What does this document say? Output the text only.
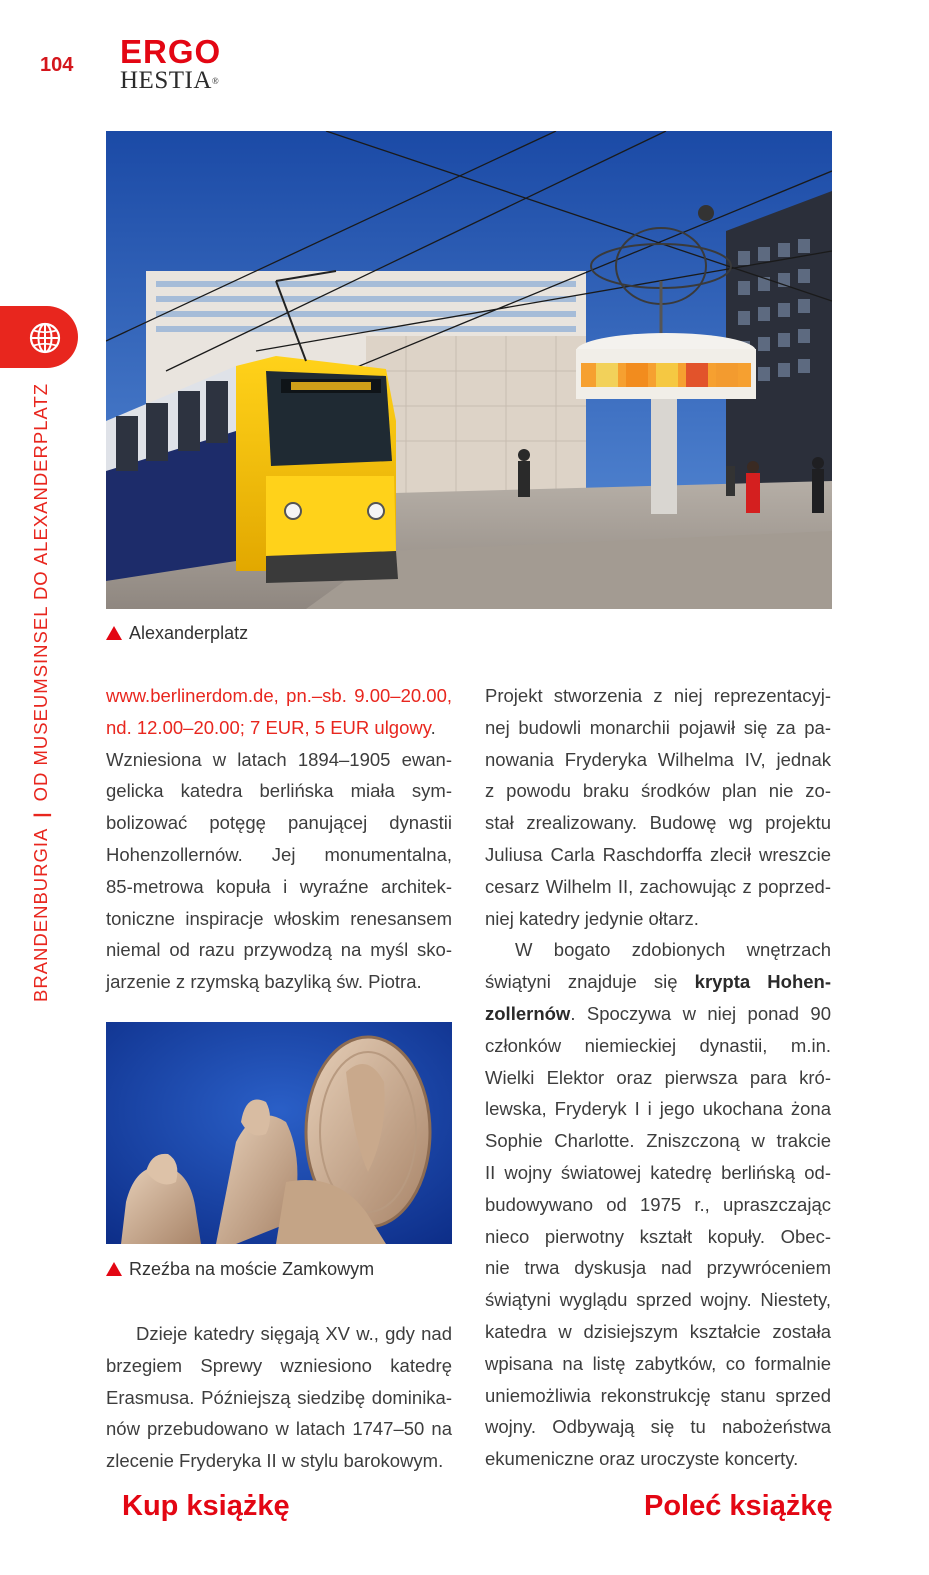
104 ERGO
HESTIA®
BRANDENBURGIA|OD MUSEUMSINSEL DO ALEXANDERPLATZ	Alexanderplatz
www.berlinerdom.de, pn.–sb. 9.00–20.00,
nd. 12.00–20.00; 7 EUR, 5 EUR ulgowy.
Wzniesiona w latach 1894–1905 ewan-
gelicka katedra berlińska miała sym-
bolizować potęgę panującej dynastii
Hohenzollernów. Jej monumentalna,
85-metrowa kopuła i wyraźne architek-
toniczne inspiracje włoskim renesansem
niemal od razu przywodzą na myśl sko-
jarzenie z rzymską bazyliką św. Piotra.
Rzeźba na moście Zamkowym
Dzieje katedry sięgają XV w., gdy nad
brzegiem Sprewy wzniesiono katedrę
Erasmusa. Późniejszą siedzibę dominika-
nów przebudowano w latach 1747–50 na
zlecenie Fryderyka II w stylu barokowym.
Projekt stworzenia z niej reprezentacyj-
nej budowli monarchii pojawił się za pa-
nowania Fryderyka Wilhelma IV, jednak
z powodu braku środków plan nie zo-
stał zrealizowany. Budowę wg projektu
Juliusa Carla Raschdorffa zlecił wreszcie
cesarz Wilhelm II, zachowując z poprzed-
niej katedry jedynie ołtarz.
W bogato zdobionych wnętrzach
świątyni znajduje się krypta Hohen-
zollernów. Spoczywa w niej ponad 90
członków niemieckiej dynastii, m.in.
Wielki Elektor oraz pierwsza para kró-
lewska, Fryderyk I i jego ukochana żona
Sophie Charlotte. Zniszczoną w trakcie
II wojny światowej katedrę berlińską od-
budowywano od 1975 r., upraszczając
nieco pierwotny kształt kopuły. Obec-
nie trwa dyskusja nad przywróceniem
świątyni wyglądu sprzed wojny. Niestety,
katedra w dzisiejszym kształcie została
wpisana na listę zabytków, co formalnie
uniemożliwia rekonstrukcję stanu sprzed
wojny. Odbywają się tu nabożeństwa
ekumeniczne oraz uroczyste koncerty.
Kup książkę	Poleć książkę
